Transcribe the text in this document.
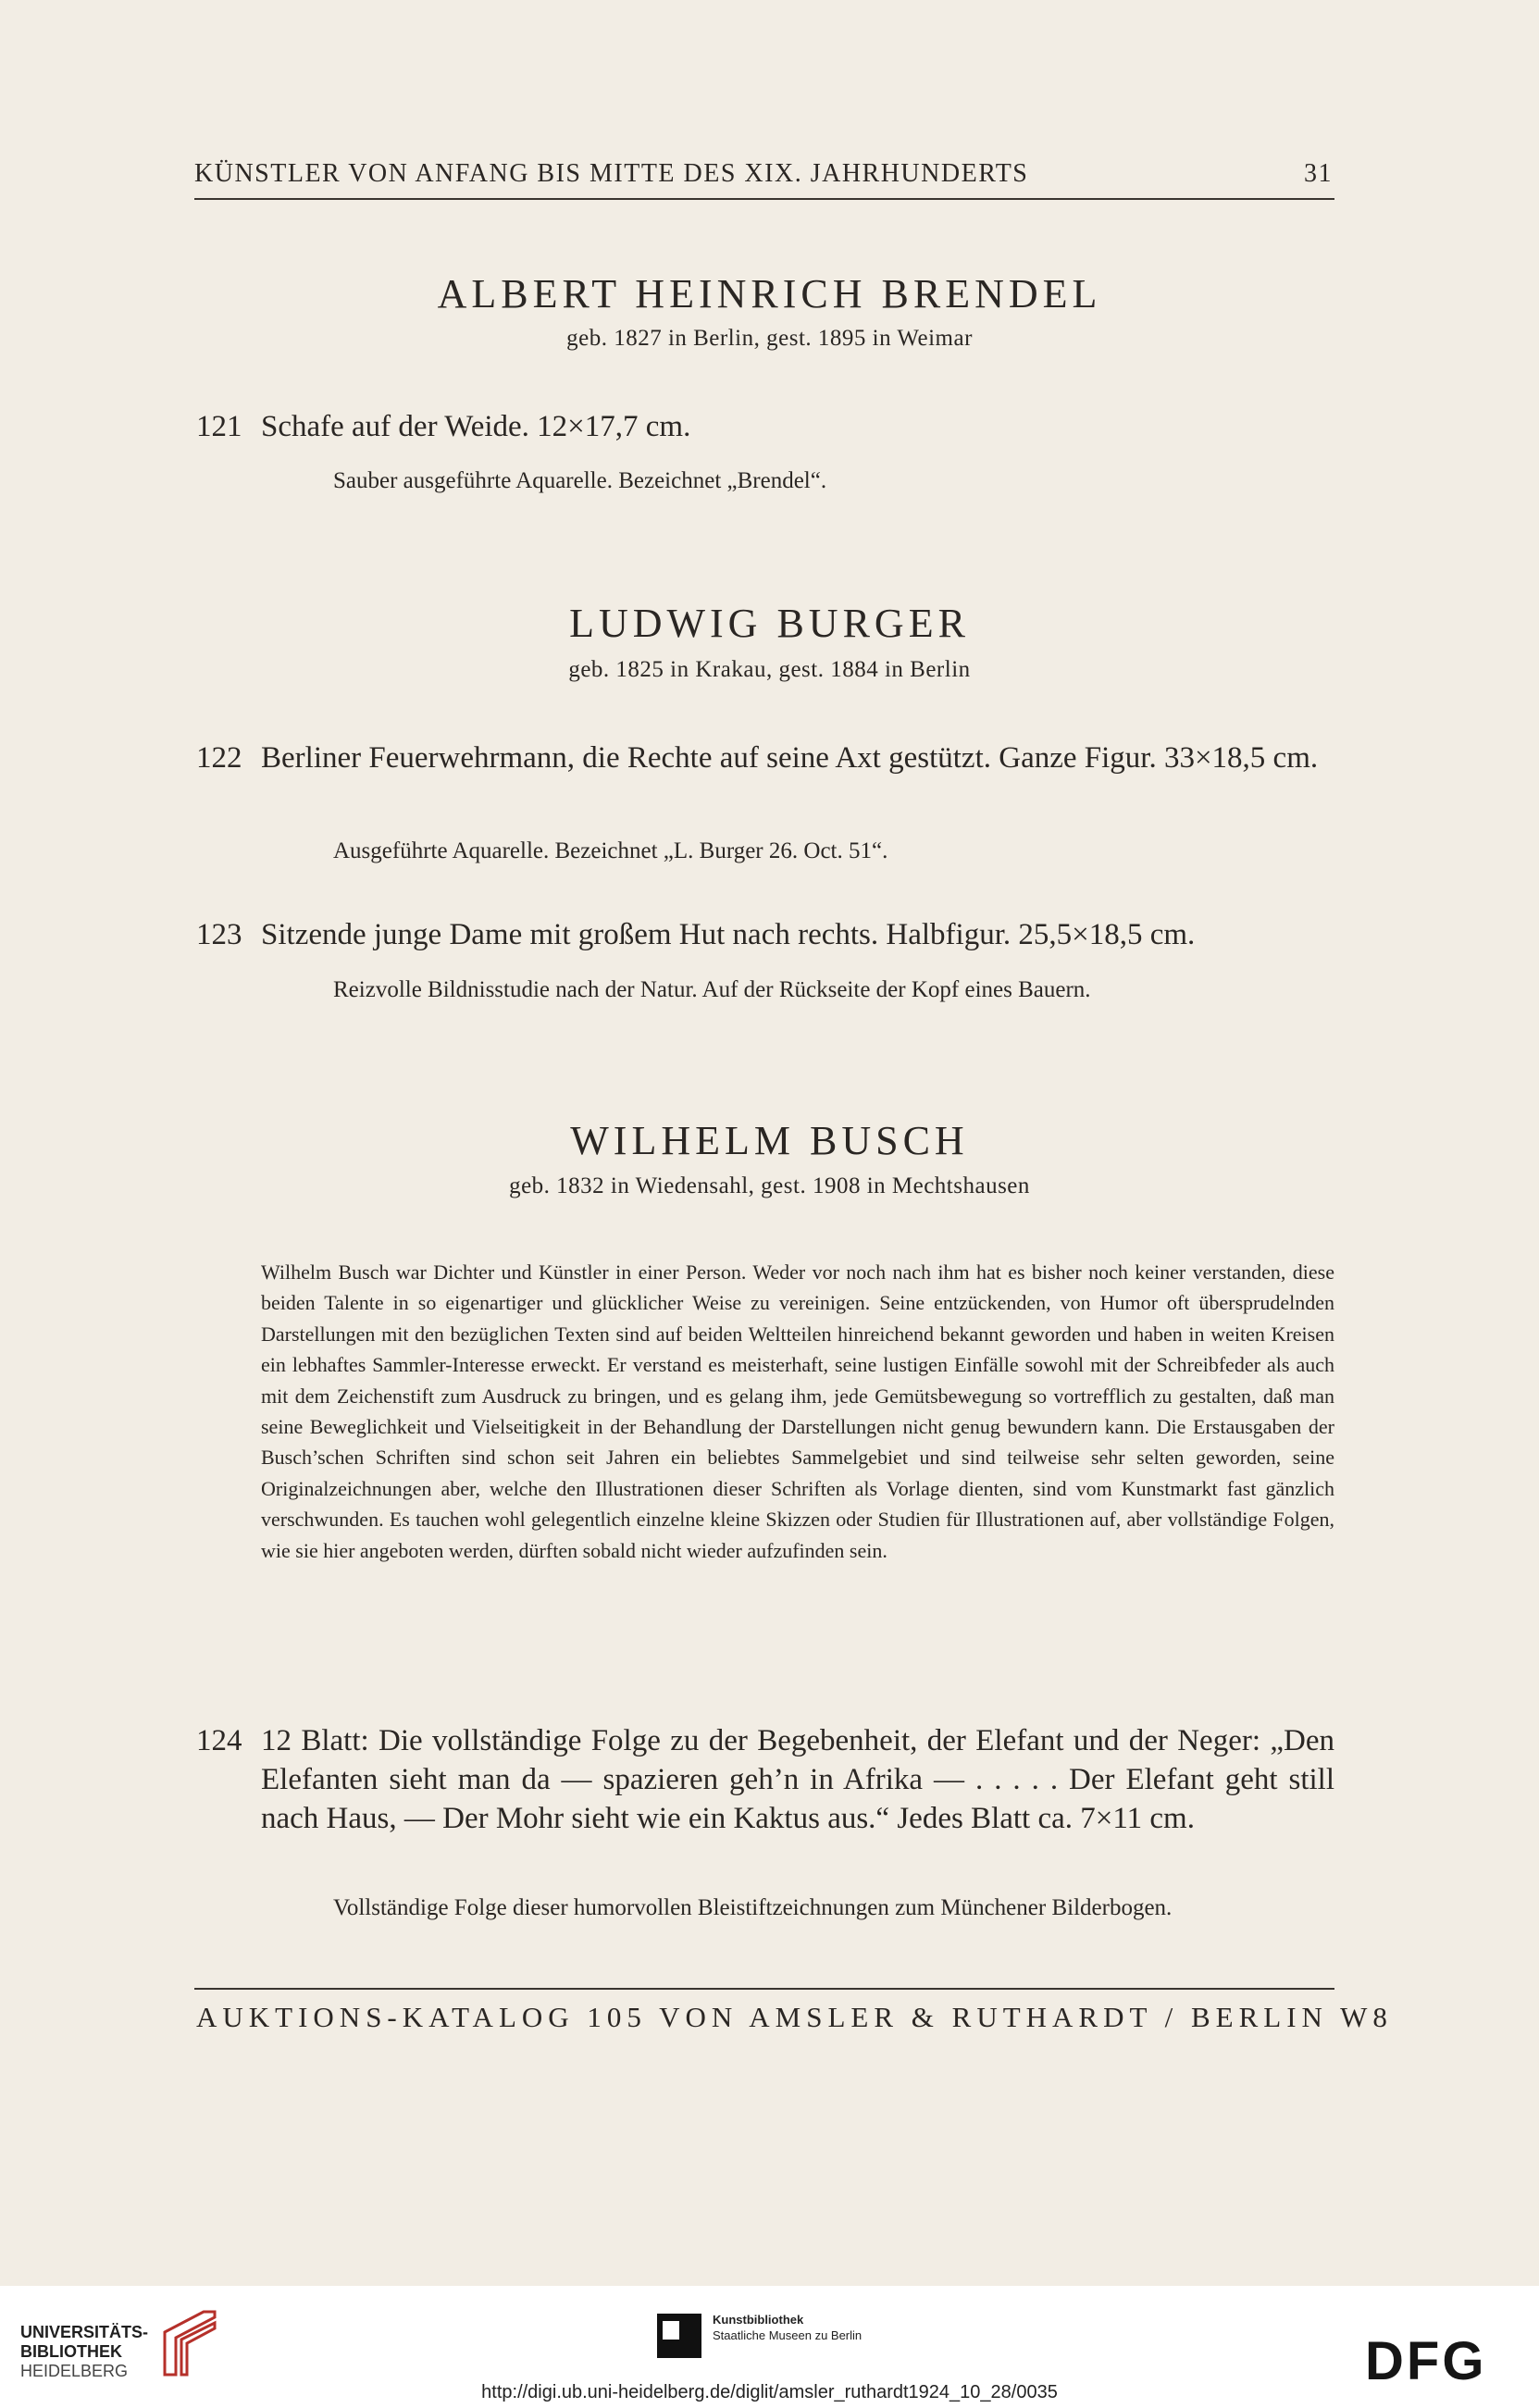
KÜNSTLER VON ANFANG BIS MITTE DES XIX. JAHRHUNDERTS	31
ALBERT HEINRICH BRENDEL
geb. 1827 in Berlin, gest. 1895 in Weimar
121 Schafe auf der Weide. 12×17,7 cm.
Sauber ausgeführte Aquarelle. Bezeichnet „Brendel“.
LUDWIG BURGER
geb. 1825 in Krakau, gest. 1884 in Berlin
122 Berliner Feuerwehrmann, die Rechte auf seine Axt gestützt. Ganze Figur. 33×18,5 cm.
Ausgeführte Aquarelle. Bezeichnet „L. Burger 26. Oct. 51“.
123 Sitzende junge Dame mit großem Hut nach rechts. Halbfigur. 25,5×18,5 cm.
Reizvolle Bildnisstudie nach der Natur. Auf der Rückseite der Kopf eines Bauern.
WILHELM BUSCH
geb. 1832 in Wiedensahl, gest. 1908 in Mechtshausen
Wilhelm Busch war Dichter und Künstler in einer Person. Weder vor noch nach ihm hat es bisher noch keiner verstanden, diese beiden Talente in so eigenartiger und glücklicher Weise zu vereinigen. Seine entzückenden, von Humor oft übersprudelnden Darstellungen mit den bezüglichen Texten sind auf beiden Weltteilen hinreichend bekannt geworden und haben in weiten Kreisen ein lebhaftes Sammler-Interesse erweckt. Er verstand es meisterhaft, seine lustigen Einfälle sowohl mit der Schreibfeder als auch mit dem Zeichenstift zum Ausdruck zu bringen, und es gelang ihm, jede Gemütsbewegung so vortrefflich zu gestalten, daß man seine Beweglichkeit und Vielseitigkeit in der Behandlung der Darstellungen nicht genug bewundern kann. Die Erstausgaben der Busch’schen Schriften sind schon seit Jahren ein beliebtes Sammelgebiet und sind teilweise sehr selten geworden, seine Originalzeichnungen aber, welche den Illustrationen dieser Schriften als Vorlage dienten, sind vom Kunstmarkt fast gänzlich verschwunden. Es tauchen wohl gelegentlich einzelne kleine Skizzen oder Studien für Illustrationen auf, aber vollständige Folgen, wie sie hier angeboten werden, dürften sobald nicht wieder aufzufinden sein.
124 12 Blatt: Die vollständige Folge zu der Begebenheit, der Elefant und der Neger: „Den Elefanten sieht man da — spazieren geh’n in Afrika — . . . . . Der Elefant geht still nach Haus, — Der Mohr sieht wie ein Kaktus aus.“ Jedes Blatt ca. 7×11 cm.
Vollständige Folge dieser humorvollen Bleistiftzeichnungen zum Münchener Bilderbogen.
AUKTIONS-KATALOG 105 VON AMSLER & RUTHARDT / BERLIN W8
UNIVERSITÄTS-
BIBLIOTHEK
HEIDELBERG
Kunstbibliothek
Staatliche Museen zu Berlin	DFG
http://digi.ub.uni-heidelberg.de/diglit/amsler_ruthardt1924_10_28/0035
